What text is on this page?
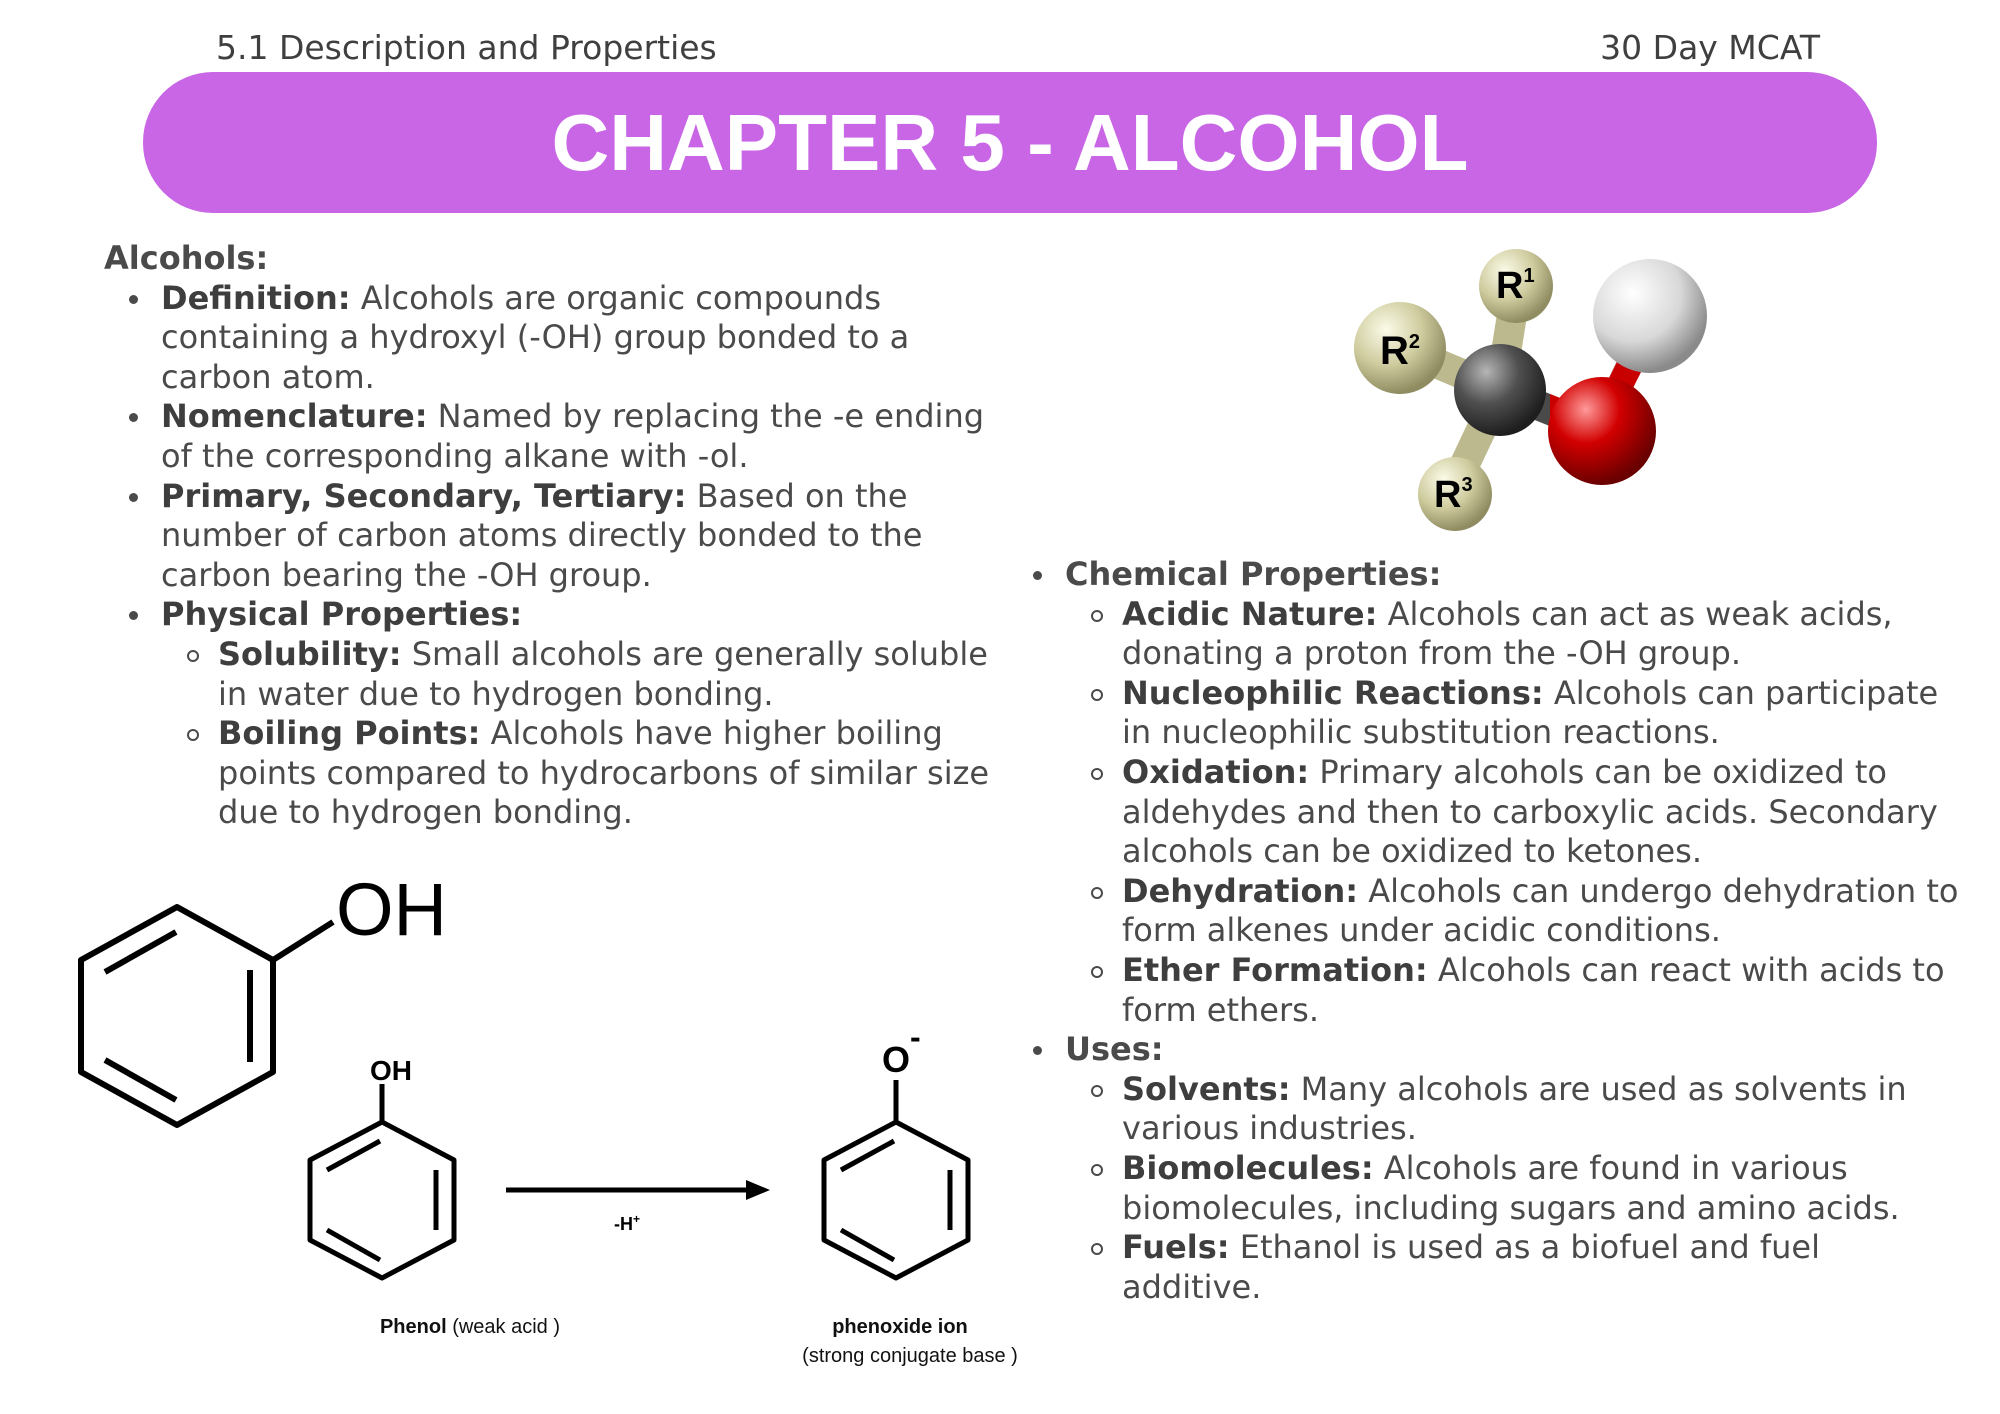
5.1 Description and Properties	30 Day MCAT
CHAPTER 5 - ALCOHOL
Alcohols:
Definition: Alcohols are organic compounds containing a hydroxyl (-OH) group bonded to a carbon atom.
Nomenclature: Named by replacing the -e ending of the corresponding alkane with -ol.
Primary, Secondary, Tertiary: Based on the number of carbon atoms directly bonded to the carbon bearing the -OH group.
Physical Properties:
Solubility: Small alcohols are generally soluble in water due to hydrogen bonding.
Boiling Points: Alcohols have higher boiling points compared to hydrocarbons of similar size due to hydrogen bonding.
$R^1$
$R^2$
$R^3$
Chemical Properties:
Acidic Nature: Alcohols can act as weak acids, donating a proton from the -OH group.
Nucleophilic Reactions: Alcohols can participate in nucleophilic substitution reactions.
Oxidation: Primary alcohols can be oxidized to aldehydes and then to carboxylic acids. Secondary alcohols can be oxidized to ketones.
Dehydration: Alcohols can undergo dehydration to form alkenes under acidic conditions.
Ether Formation: Alcohols can react with acids to form ethers.
Uses:
Solvents: Many alcohols are used as solvents in various industries.
Biomolecules: Alcohols are found in various biomolecules, including sugars and amino acids.
Fuels: Ethanol is used as a biofuel and fuel additive.
OH
OH
-H+
O
-
Phenol (weak acid )	phenoxide ion
(strong conjugate base )
